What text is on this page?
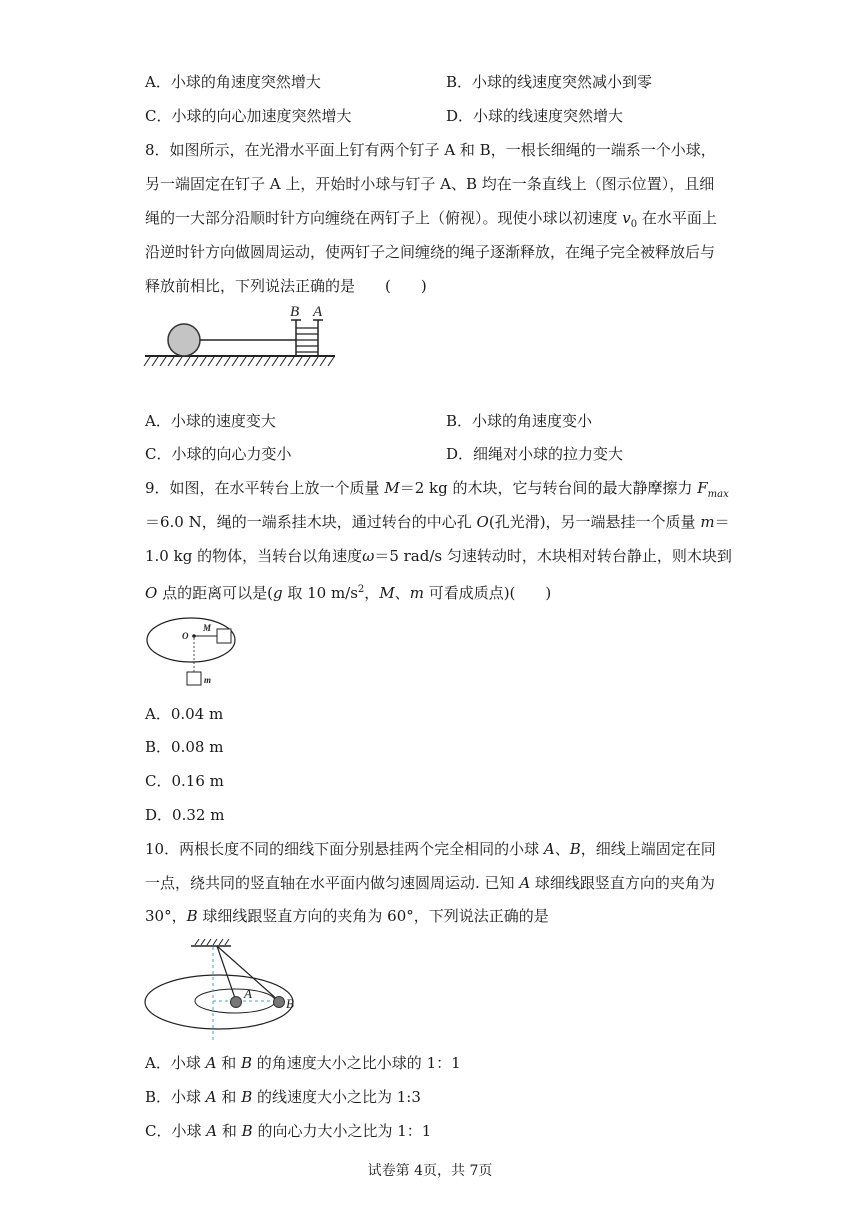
A．小球的角速度突然增大	B．小球的线速度突然减小到零
C．小球的向心加速度突然增大	D．小球的线速度突然增大
8．如图所示，在光滑水平面上钉有两个钉子 A 和 B，一根长细绳的一端系一个小球，
另一端固定在钉子 A 上，开始时小球与钉子 A、B 均在一条直线上（图示位置），且细
绳的一大部分沿顺时针方向缠绕在两钉子上（俯视）。现使小球以初速度 $v_0$ 在水平面上
沿逆时针方向做圆周运动，使两钉子之间缠绕的绳子逐渐释放，在绳子完全被释放后与
释放前相比，下列说法正确的是　　(　　)
B A
A．小球的速度变大	B．小球的角速度变小
C．小球的向心力变小	D．细绳对小球的拉力变大
9．如图，在水平转台上放一个质量 M＝2 kg 的木块，它与转台间的最大静摩擦力 $F_{max}$
＝6.0 N，绳的一端系挂木块，通过转台的中心孔 O(孔光滑)，另一端悬挂一个质量 m＝
1.0 kg 的物体，当转台以角速度ω＝5 rad/s 匀速转动时，木块相对转台静止，则木块到
O 点的距离可以是(g 取 10 $m/s^2$，M、m 可看成质点)(　　)
O
M
m
A．0.04 m
B．0.08 m
C．0.16 m
D．0.32 m
10．两根长度不同的细线下面分别悬挂两个完全相同的小球 A、B，细线上端固定在同
一点，绕共同的竖直轴在水平面内做匀速圆周运动. 已知 A 球细线跟竖直方向的夹角为
30°，B 球细线跟竖直方向的夹角为 60°，下列说法正确的是
A
B
A．小球 A 和 B 的角速度大小之比小球的 1：1
B．小球 A 和 B 的线速度大小之比为 1:3
C．小球 A 和 B 的向心力大小之比为 1：1
试卷第 4页，共 7页
